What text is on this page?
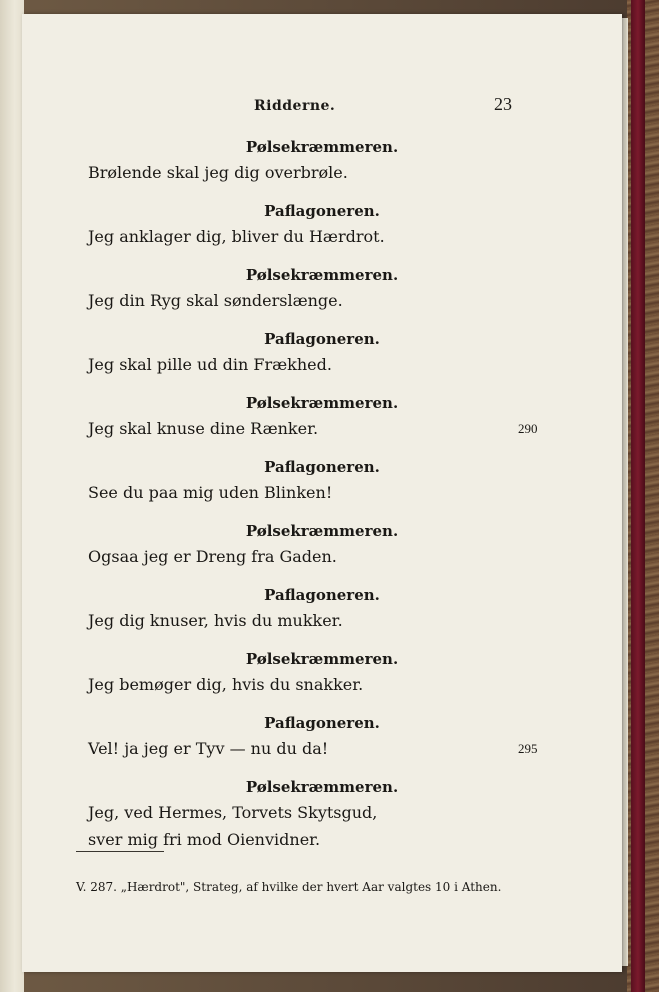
Ridderne.	23
Pølsekræmmeren.
Brølende skal jeg dig overbrøle.
Paflagoneren.
Jeg anklager dig, bliver du Hærdrot.
Pølsekræmmeren.
Jeg din Ryg skal sønderslænge.
Paflagoneren.
Jeg skal pille ud din Frækhed.
Pølsekræmmeren.
Jeg skal knuse dine Rænker.	290
Paflagoneren.
See du paa mig uden Blinken!
Pølsekræmmeren.
Ogsaa jeg er Dreng fra Gaden.
Paflagoneren.
Jeg dig knuser, hvis du mukker.
Pølsekræmmeren.
Jeg bemøger dig, hvis du snakker.
Paflagoneren.
Vel! ja jeg er Tyv — nu du da!	295
Pølsekræmmeren.
Jeg, ved Hermes, Torvets Skytsgud,
sver mig fri mod Oienvidner.
V. 287. „Hærdrot", Strateg, af hvilke der hvert Aar valgtes 10 i Athen.
